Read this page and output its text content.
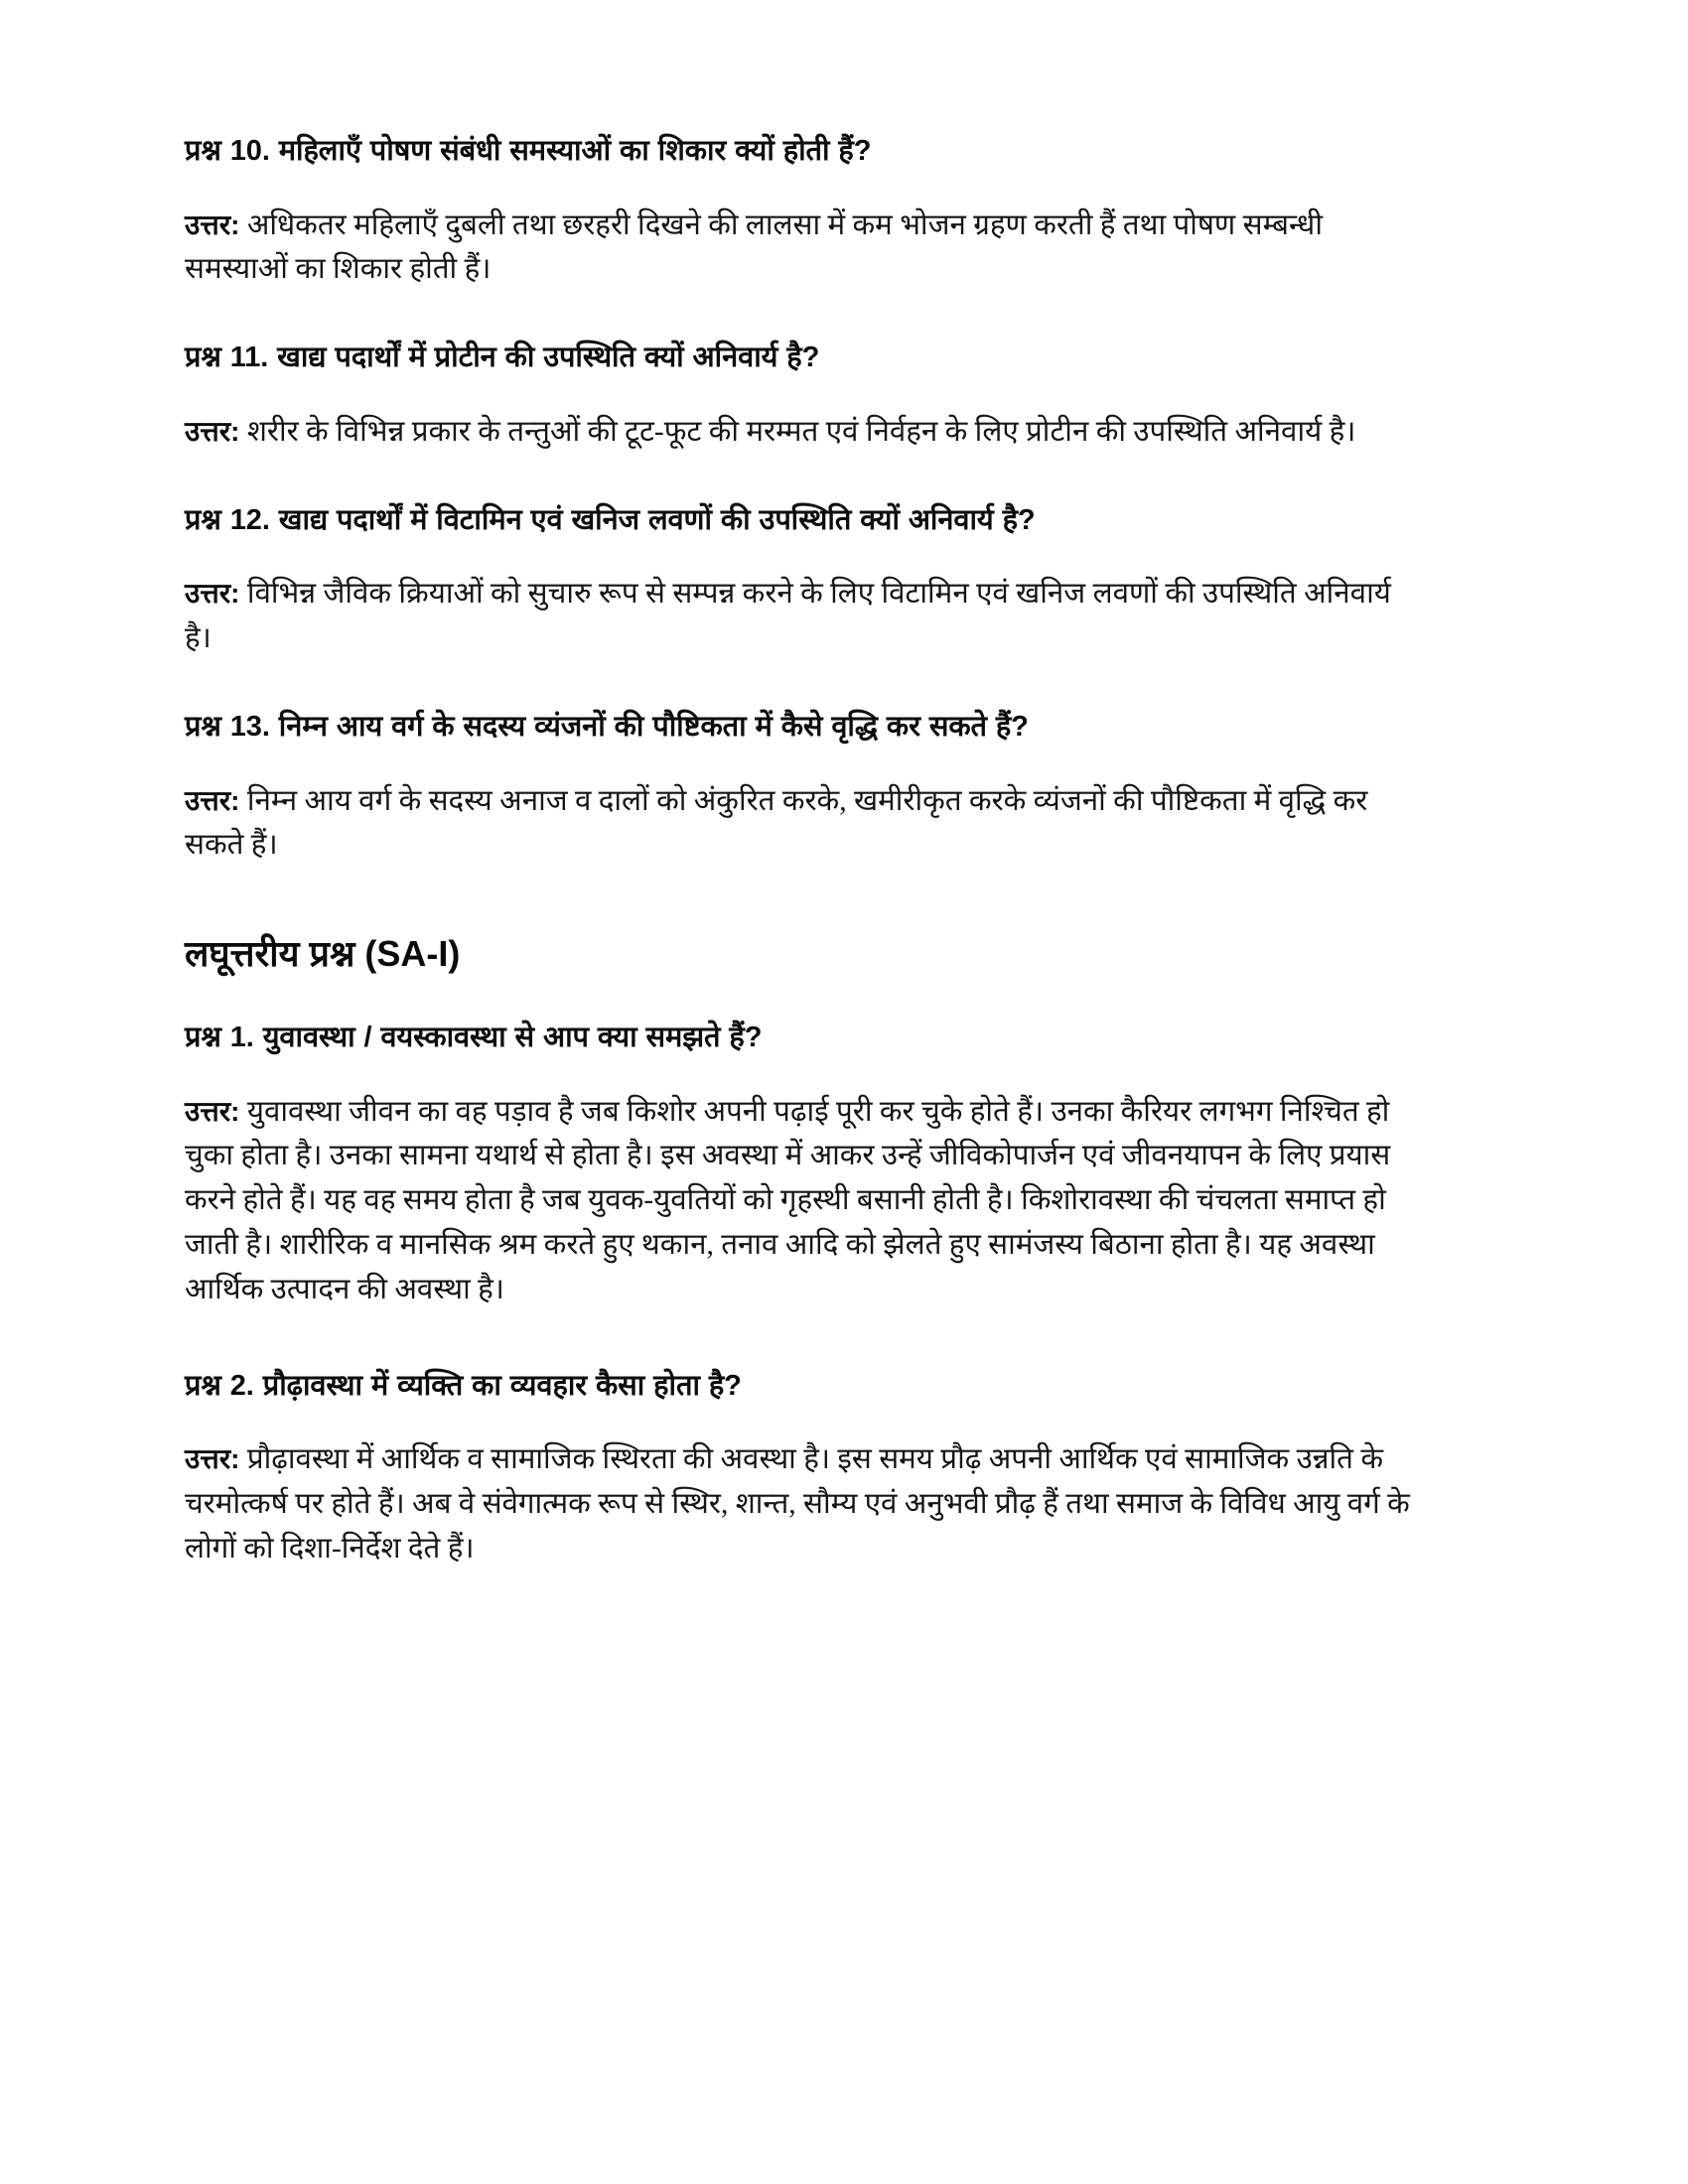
प्रश्न 10. महिलाएँ पोषण संबंधी समस्याओं का शिकार क्यों होती हैं?

उत्तर: अधिकतर महिलाएँ दुबली तथा छरहरी दिखने की लालसा में कम भोजन ग्रहण करती हैं तथा पोषण सम्बन्धी समस्याओं का शिकार होती हैं।

प्रश्न 11. खाद्य पदार्थों में प्रोटीन की उपस्थिति क्यों अनिवार्य है?

उत्तर: शरीर के विभिन्न प्रकार के तन्तुओं की टूट-फूट की मरम्मत एवं निर्वहन के लिए प्रोटीन की उपस्थिति अनिवार्य है।

प्रश्न 12. खाद्य पदार्थों में विटामिन एवं खनिज लवणों की उपस्थिति क्यों अनिवार्य है?

उत्तर: विभिन्न जैविक क्रियाओं को सुचारु रूप से सम्पन्न करने के लिए विटामिन एवं खनिज लवणों की उपस्थिति अनिवार्य है।

प्रश्न 13. निम्न आय वर्ग के सदस्य व्यंजनों की पौष्टिकता में कैसे वृद्धि कर सकते हैं?

उत्तर: निम्न आय वर्ग के सदस्य अनाज व दालों को अंकुरित करके, खमीरीकृत करके व्यंजनों की पौष्टिकता में वृद्धि कर सकते हैं।

लघूत्तरीय प्रश्न (SA-I)
प्रश्न 1. युवावस्था / वयस्कावस्था से आप क्या समझते हैं?

उत्तर: युवावस्था जीवन का वह पड़ाव है जब किशोर अपनी पढ़ाई पूरी कर चुके होते हैं। उनका कैरियर लगभग निश्चित हो चुका होता है। उनका सामना यथार्थ से होता है। इस अवस्था में आकर उन्हें जीविकोपार्जन एवं जीवनयापन के लिए प्रयास करने होते हैं। यह वह समय होता है जब युवक-युवतियों को गृहस्थी बसानी होती है। किशोरावस्था की चंचलता समाप्त हो जाती है। शारीरिक व मानसिक श्रम करते हुए थकान, तनाव आदि को झेलते हुए सामंजस्य बिठाना होता है। यह अवस्था आर्थिक उत्पादन की अवस्था है।

प्रश्न 2. प्रौढ़ावस्था में व्यक्ति का व्यवहार कैसा होता है?

उत्तर: प्रौढ़ावस्था में आर्थिक व सामाजिक स्थिरता की अवस्था है। इस समय प्रौढ़ अपनी आर्थिक एवं सामाजिक उन्नति के चरमोत्कर्ष पर होते हैं। अब वे संवेगात्मक रूप से स्थिर, शान्त, सौम्य एवं अनुभवी प्रौढ़ हैं तथा समाज के विविध आयु वर्ग के लोगों को दिशा-निर्देश देते हैं।
